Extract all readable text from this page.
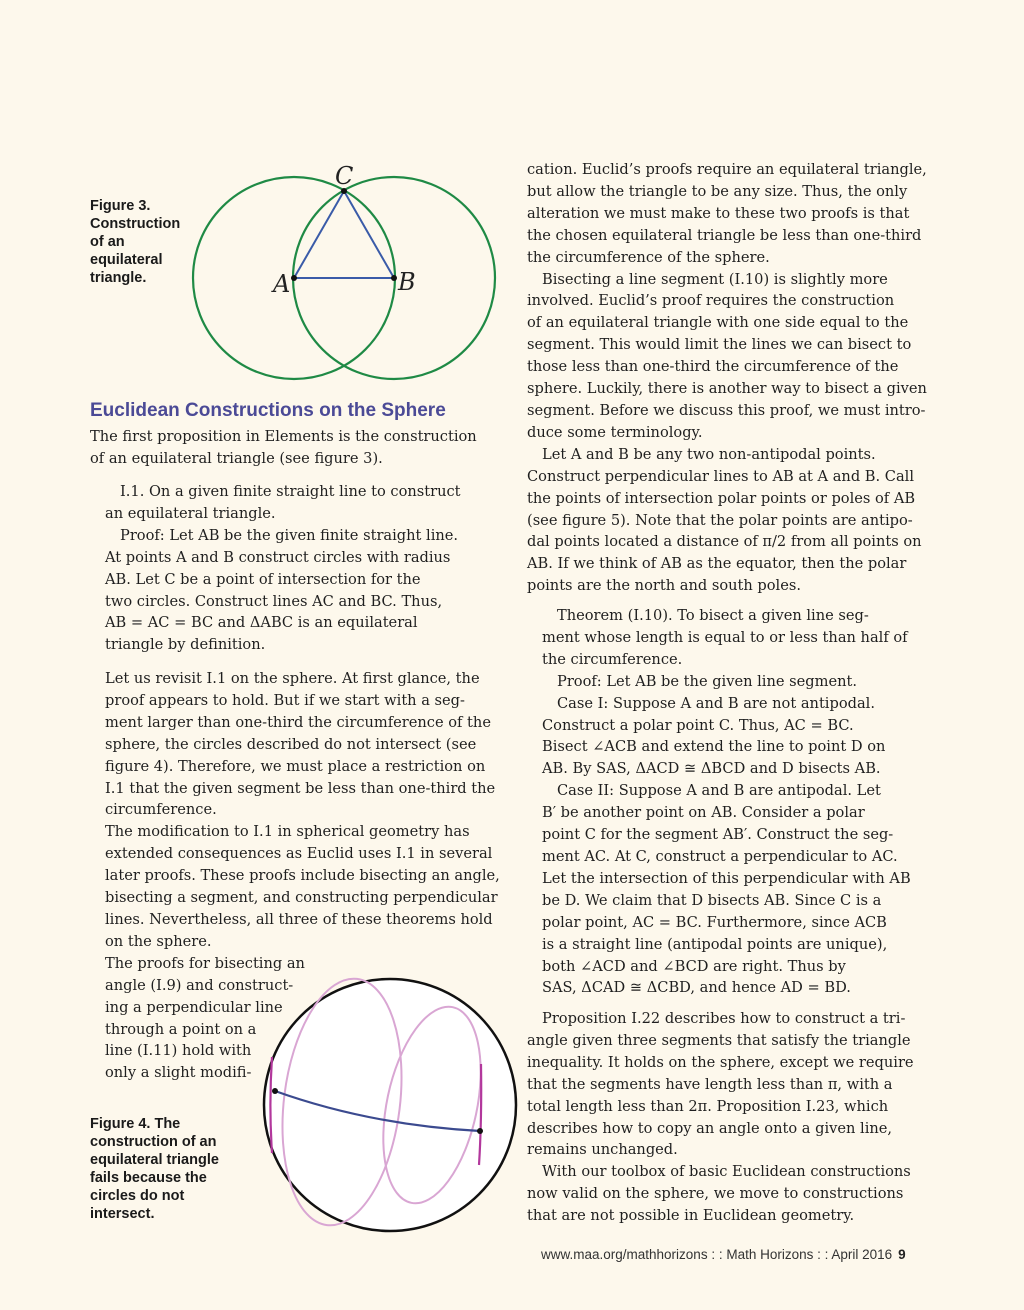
Figure 3.
Construction
of an
equilateral
triangle.	A	B
C
Euclidean Constructions on the Sphere
The first proposition in Elements is the construction
of an equilateral triangle (see figure 3).
I.1. On a given finite straight line to construct
an equilateral triangle.
Proof: Let AB be the given finite straight line.
At points A and B construct circles with radius
AB. Let C be a point of intersection for the
two circles. Construct lines AC and BC. Thus,
AB = AC = BC and ΔABC is an equilateral
triangle by definition.
Let us revisit I.1 on the sphere. At first glance, the
proof appears to hold. But if we start with a seg-
ment larger than one-third the circumference of the
sphere, the circles described do not intersect (see
figure 4). Therefore, we must place a restriction on
I.1 that the given segment be less than one-third the
circumference.
The modification to I.1 in spherical geometry has
extended consequences as Euclid uses I.1 in several
later proofs. These proofs include bisecting an angle,
bisecting a segment, and constructing perpendicular
lines. Nevertheless, all three of these theorems hold
on the sphere.
The proofs for bisecting an
angle (I.9) and construct-
ing a perpendicular line
through a point on a
line (I.11) hold with
only a slight modifi-
Figure 4. The
construction of an
equilateral triangle
fails because the
circles do not
intersect.
cation. Euclid’s proofs require an equilateral triangle,
but allow the triangle to be any size. Thus, the only
alteration we must make to these two proofs is that
the chosen equilateral triangle be less than one-third
the circumference of the sphere.
Bisecting a line segment (I.10) is slightly more
involved. Euclid’s proof requires the construction
of an equilateral triangle with one side equal to the
segment. This would limit the lines we can bisect to
those less than one-third the circumference of the
sphere. Luckily, there is another way to bisect a given
segment. Before we discuss this proof, we must intro-
duce some terminology.
Let A and B be any two non-antipodal points.
Construct perpendicular lines to AB at A and B. Call
the points of intersection polar points or poles of AB
(see figure 5). Note that the polar points are antipo-
dal points located a distance of π/2 from all points on
AB. If we think of AB as the equator, then the polar
points are the north and south poles.
Theorem (I.10). To bisect a given line seg-
ment whose length is equal to or less than half of
the circumference.
Proof: Let AB be the given line segment.
Case I: Suppose A and B are not antipodal.
Construct a polar point C. Thus, AC = BC.
Bisect ∠ACB and extend the line to point D on
AB. By SAS, ΔACD ≅ ΔBCD and D bisects AB.
Case II: Suppose A and B are antipodal. Let
B′ be another point on AB. Consider a polar
point C for the segment AB′. Construct the seg-
ment AC. At C, construct a perpendicular to AC.
Let the intersection of this perpendicular with AB
be D. We claim that D bisects AB. Since C is a
polar point, AC = BC. Furthermore, since ACB
is a straight line (antipodal points are unique),
both ∠ACD and ∠BCD are right. Thus by
SAS, ΔCAD ≅ ΔCBD, and hence AD = BD.
Proposition I.22 describes how to construct a tri-
angle given three segments that satisfy the triangle
inequality. It holds on the sphere, except we require
that the segments have length less than π, with a
total length less than 2π. Proposition I.23, which
describes how to copy an angle onto a given line,
remains unchanged.
With our toolbox of basic Euclidean constructions
now valid on the sphere, we move to constructions
that are not possible in Euclidean geometry.
www.maa.org/mathhorizons : : Math Horizons : : April 2016 9
